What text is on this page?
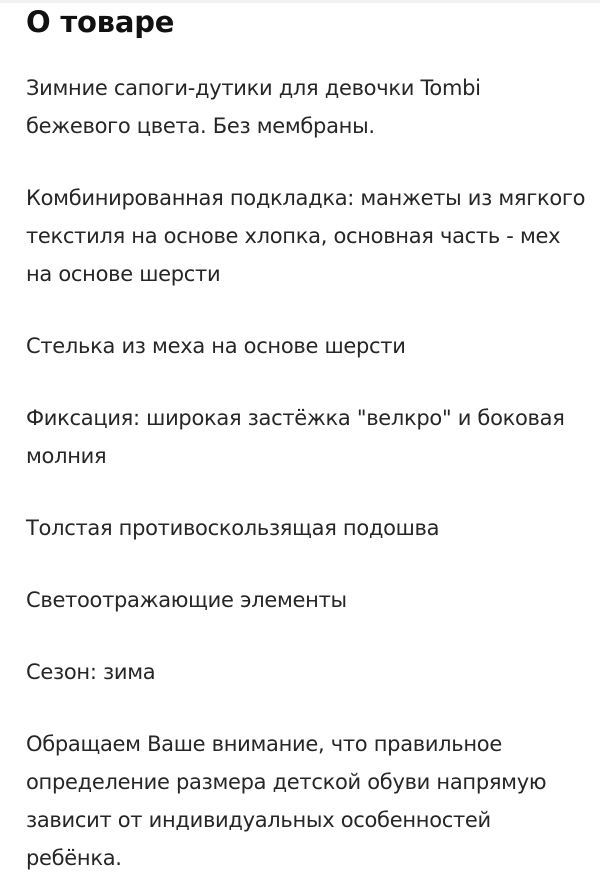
О товаре

Зимние сапоги-дутики для девочки Tombi бежевого цвета. Без мембраны.

Комбинированная подкладка: манжеты из мягкого текстиля на основе хлопка, основная часть - мех на основе шерсти

Стелька из меха на основе шерсти

Фиксация: широкая застёжка "велкро" и боковая молния

Толстая противоскользящая подошва

Светоотражающие элементы

Сезон: зима

Обращаем Ваше внимание, что правильное определение размера детской обуви напрямую зависит от индивидуальных особенностей ребёнка.
